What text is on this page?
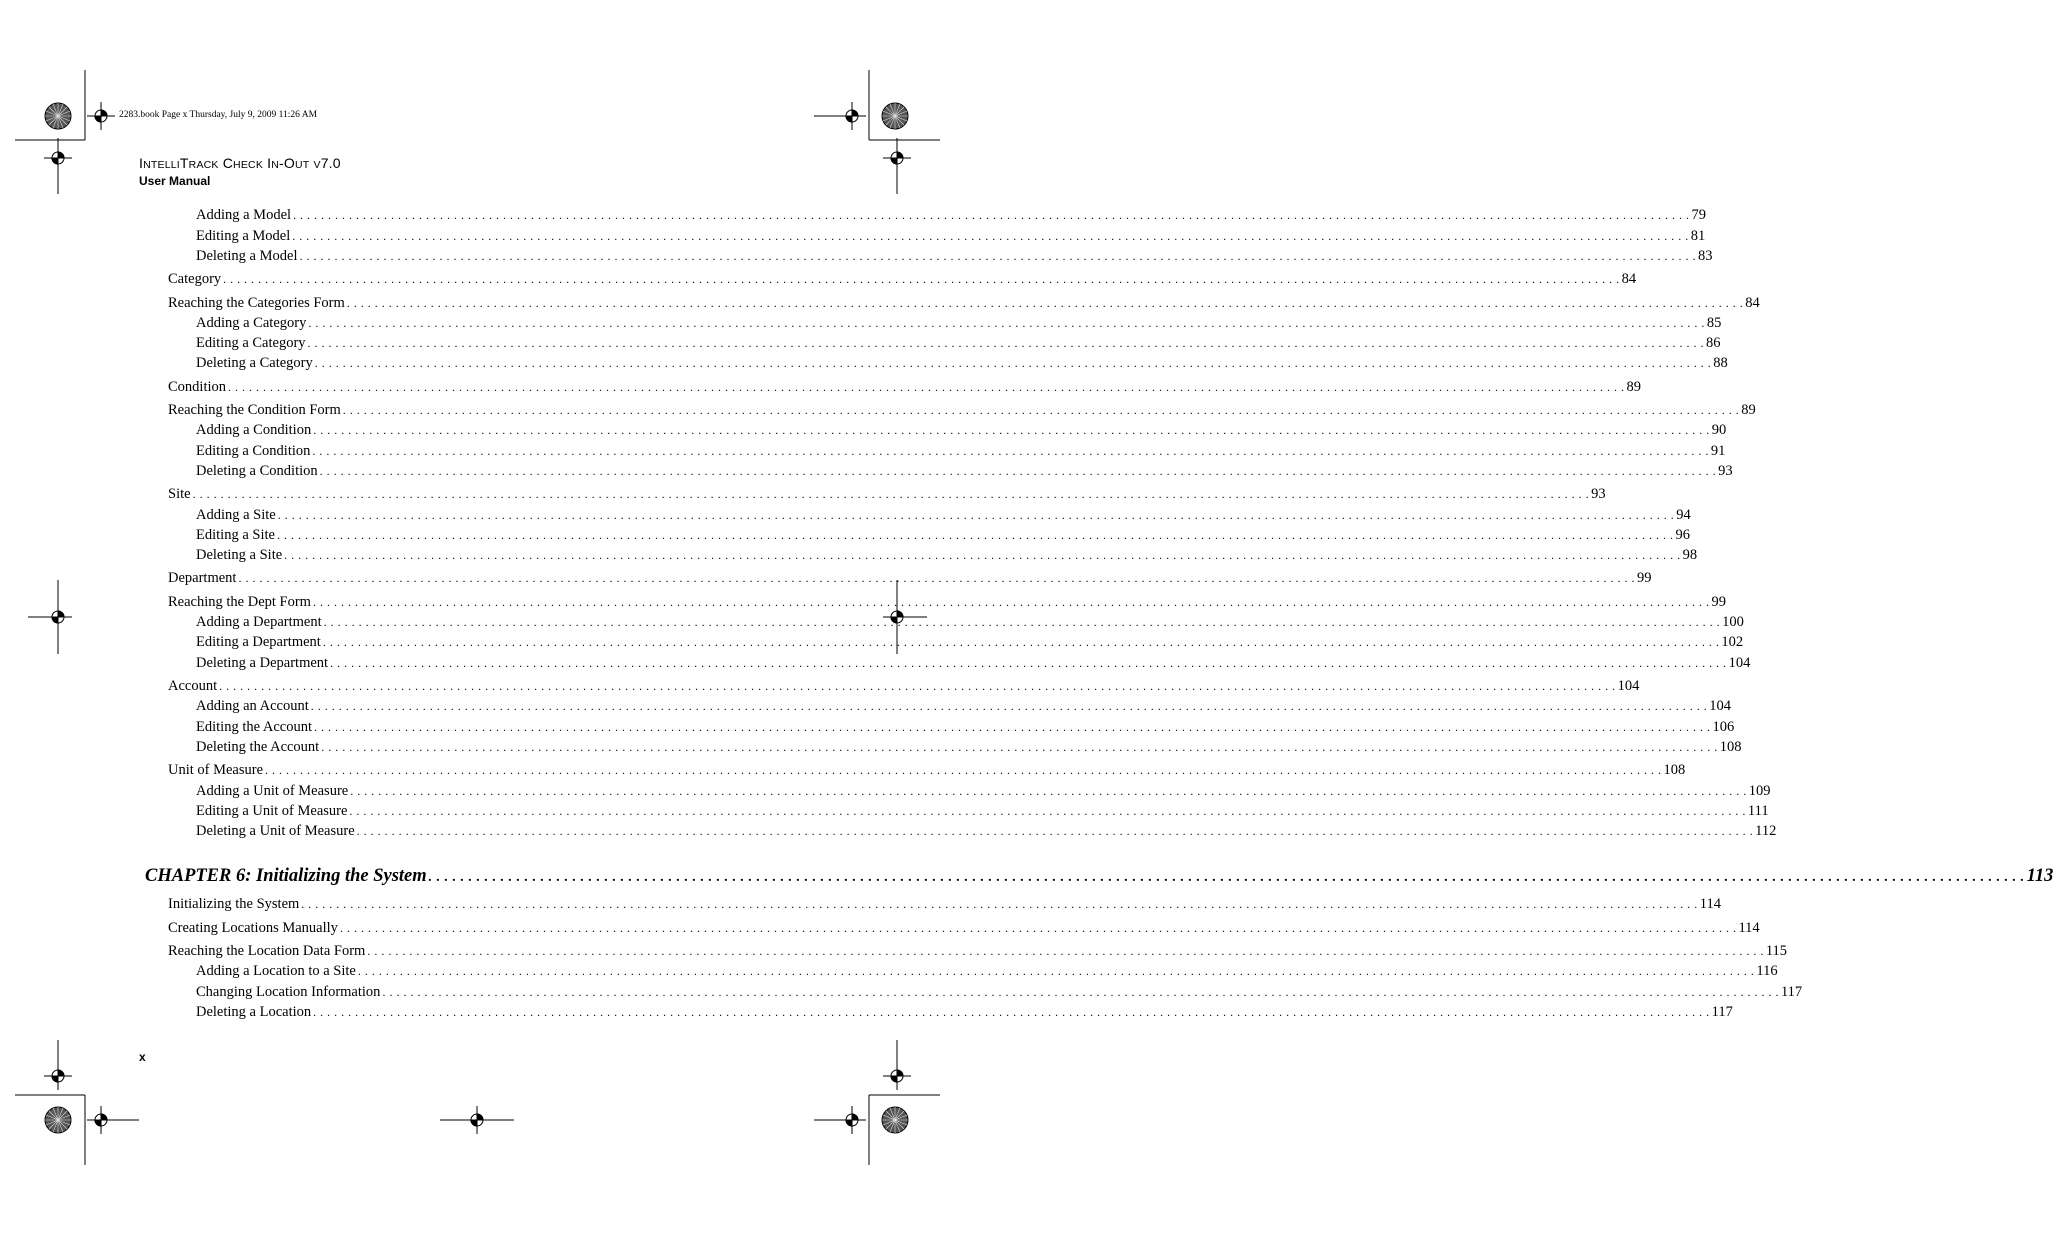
2283.book Page x Thursday, July 9, 2009 11:26 AM
INTELLITRACK CHECK IN-OUT V7.0
User Manual
Adding a Model . . . . . . . . . . . . . . . . . . . . . . . . . . . . . . . . . . . . . . . . . . . . . . . . . . . . . . . . . . . . . . . . . . . . . . . . . . . . . . . . . . . . . . . . . . . . . . . . . . . . . . . . . . . . . . . . . . . . . . . . . . . . . . . . . . . . . . . . . . . . . . . . . . . . . . . . . . . . . . . . . . . . . . . . . . . . . . . . . . . . . . . . . . . . . . . . . . . . . . . . 79
Editing a Model . . . . . . . . . . . . . . . . . . . . . . . . . . . . . . . . . . . . . . . . . . . . . . . . . . . . . . . . . . . . . . . . . . . . . . . . . . . . . . . . . . . . . . . . . . . . . . . . . . . . . . . . . . . . . . . . . . . . . . . . . . . . . . . . . . . . . . . . . . . . . . . . . . . . . . . . . . . . . . . . . . . . . . . . . . . . . . . . . . . . . . . . . . . . . . . . . . . . . . . . 81
Deleting a Model . . . . . . . . . . . . . . . . . . . . . . . . . . . . . . . . . . . . . . . . . . . . . . . . . . . . . . . . . . . . . . . . . . . . . . . . . . . . . . . . . . . . . . . . . . . . . . . . . . . . . . . . . . . . . . . . . . . . . . . . . . . . . . . . . . . . . . . . . . . . . . . . . . . . . . . . . . . . . . . . . . . . . . . . . . . . . . . . . . . . . . . . . . . . . . . . . . . . . . . . 83
Category . . . . . . . . . . . . . . . . . . . . . . . . . . . . . . . . . . . . . . . . . . . . . . . . . . . . . . . . . . . . . . . . . . . . . . . . . . . . . . . . . . . . . . . . . . . . . . . . . . . . . . . . . . . . . . . . . . . . . . . . . . . . . . . . . . . . . . . . . . . . . . . . . . . . . . . . . . . . . . . . . . . . . . . . . . . . . . . . . . . . . . . . . . . . . . . . . . . . . . . . 84
Reaching the Categories Form . . . . . . . . . . . . . . . . . . . . . . . . . . . . . . . . . . . . . . . . . . . . . . . . . . . . . . . . . . . . . . . . . . . . . . . . . . . . . . . . . . . . . . . . . . . . . . . . . . . . . . . . . . . . . . . . . . . . . . . . . . . . . . . . . . . . . . . . . . . . . . . . . . . . . . . . . . . . . . . . . . . . . . . . . . . . . . . . . . . . . . . . . . . . . . . . . . . . . . . . 84
Adding a Category . . . . . . . . . . . . . . . . . . . . . . . . . . . . . . . . . . . . . . . . . . . . . . . . . . . . . . . . . . . . . . . . . . . . . . . . . . . . . . . . . . . . . . . . . . . . . . . . . . . . . . . . . . . . . . . . . . . . . . . . . . . . . . . . . . . . . . . . . . . . . . . . . . . . . . . . . . . . . . . . . . . . . . . . . . . . . . . . . . . . . . . . . . . . . . . . . . . . . . . . 85
Editing a Category . . . . . . . . . . . . . . . . . . . . . . . . . . . . . . . . . . . . . . . . . . . . . . . . . . . . . . . . . . . . . . . . . . . . . . . . . . . . . . . . . . . . . . . . . . . . . . . . . . . . . . . . . . . . . . . . . . . . . . . . . . . . . . . . . . . . . . . . . . . . . . . . . . . . . . . . . . . . . . . . . . . . . . . . . . . . . . . . . . . . . . . . . . . . . . . . . . . . . . . . 86
Deleting a Category . . . . . . . . . . . . . . . . . . . . . . . . . . . . . . . . . . . . . . . . . . . . . . . . . . . . . . . . . . . . . . . . . . . . . . . . . . . . . . . . . . . . . . . . . . . . . . . . . . . . . . . . . . . . . . . . . . . . . . . . . . . . . . . . . . . . . . . . . . . . . . . . . . . . . . . . . . . . . . . . . . . . . . . . . . . . . . . . . . . . . . . . . . . . . . . . . . . . . . . . 88
Condition . . . . . . . . . . . . . . . . . . . . . . . . . . . . . . . . . . . . . . . . . . . . . . . . . . . . . . . . . . . . . . . . . . . . . . . . . . . . . . . . . . . . . . . . . . . . . . . . . . . . . . . . . . . . . . . . . . . . . . . . . . . . . . . . . . . . . . . . . . . . . . . . . . . . . . . . . . . . . . . . . . . . . . . . . . . . . . . . . . . . . . . . . . . . . . . . . . . . . . . . 89
Reaching the Condition Form . . . . . . . . . . . . . . . . . . . . . . . . . . . . . . . . . . . . . . . . . . . . . . . . . . . . . . . . . . . . . . . . . . . . . . . . . . . . . . . . . . . . . . . . . . . . . . . . . . . . . . . . . . . . . . . . . . . . . . . . . . . . . . . . . . . . . . . . . . . . . . . . . . . . . . . . . . . . . . . . . . . . . . . . . . . . . . . . . . . . . . . . . . . . . . . . . . . . . . . . 89
Adding a Condition . . . . . . . . . . . . . . . . . . . . . . . . . . . . . . . . . . . . . . . . . . . . . . . . . . . . . . . . . . . . . . . . . . . . . . . . . . . . . . . . . . . . . . . . . . . . . . . . . . . . . . . . . . . . . . . . . . . . . . . . . . . . . . . . . . . . . . . . . . . . . . . . . . . . . . . . . . . . . . . . . . . . . . . . . . . . . . . . . . . . . . . . . . . . . . . . . . . . . . . . 90
Editing a Condition . . . . . . . . . . . . . . . . . . . . . . . . . . . . . . . . . . . . . . . . . . . . . . . . . . . . . . . . . . . . . . . . . . . . . . . . . . . . . . . . . . . . . . . . . . . . . . . . . . . . . . . . . . . . . . . . . . . . . . . . . . . . . . . . . . . . . . . . . . . . . . . . . . . . . . . . . . . . . . . . . . . . . . . . . . . . . . . . . . . . . . . . . . . . . . . . . . . . . . . . 91
Deleting a Condition . . . . . . . . . . . . . . . . . . . . . . . . . . . . . . . . . . . . . . . . . . . . . . . . . . . . . . . . . . . . . . . . . . . . . . . . . . . . . . . . . . . . . . . . . . . . . . . . . . . . . . . . . . . . . . . . . . . . . . . . . . . . . . . . . . . . . . . . . . . . . . . . . . . . . . . . . . . . . . . . . . . . . . . . . . . . . . . . . . . . . . . . . . . . . . . . . . . . . . . . 93
Site . . . . . . . . . . . . . . . . . . . . . . . . . . . . . . . . . . . . . . . . . . . . . . . . . . . . . . . . . . . . . . . . . . . . . . . . . . . . . . . . . . . . . . . . . . . . . . . . . . . . . . . . . . . . . . . . . . . . . . . . . . . . . . . . . . . . . . . . . . . . . . . . . . . . . . . . . . . . . . . . . . . . . . . . . . . . . . . . . . . . . . . . . . . . . . . . . . . . . . . . 93
Adding a Site . . . . . . . . . . . . . . . . . . . . . . . . . . . . . . . . . . . . . . . . . . . . . . . . . . . . . . . . . . . . . . . . . . . . . . . . . . . . . . . . . . . . . . . . . . . . . . . . . . . . . . . . . . . . . . . . . . . . . . . . . . . . . . . . . . . . . . . . . . . . . . . . . . . . . . . . . . . . . . . . . . . . . . . . . . . . . . . . . . . . . . . . . . . . . . . . . . . . . . . . 94
Editing a Site . . . . . . . . . . . . . . . . . . . . . . . . . . . . . . . . . . . . . . . . . . . . . . . . . . . . . . . . . . . . . . . . . . . . . . . . . . . . . . . . . . . . . . . . . . . . . . . . . . . . . . . . . . . . . . . . . . . . . . . . . . . . . . . . . . . . . . . . . . . . . . . . . . . . . . . . . . . . . . . . . . . . . . . . . . . . . . . . . . . . . . . . . . . . . . . . . . . . . . . . 96
Deleting a Site . . . . . . . . . . . . . . . . . . . . . . . . . . . . . . . . . . . . . . . . . . . . . . . . . . . . . . . . . . . . . . . . . . . . . . . . . . . . . . . . . . . . . . . . . . . . . . . . . . . . . . . . . . . . . . . . . . . . . . . . . . . . . . . . . . . . . . . . . . . . . . . . . . . . . . . . . . . . . . . . . . . . . . . . . . . . . . . . . . . . . . . . . . . . . . . . . . . . . . . . 98
Department . . . . . . . . . . . . . . . . . . . . . . . . . . . . . . . . . . . . . . . . . . . . . . . . . . . . . . . . . . . . . . . . . . . . . . . . . . . . . . . . . . . . . . . . . . . . . . . . . . . . . . . . . . . . . . . . . . . . . . . . . . . . . . . . . . . . . . . . . . . . . . . . . . . . . . . . . . . . . . . . . . . . . . . . . . . . . . . . . . . . . . . . . . . . . . . . . . . . . . . . 99
Reaching the Dept Form . . . . . . . . . . . . . . . . . . . . . . . . . . . . . . . . . . . . . . . . . . . . . . . . . . . . . . . . . . . . . . . . . . . . . . . . . . . . . . . . . . . . . . . . . . . . . . . . . . . . . . . . . . . . . . . . . . . . . . . . . . . . . . . . . . . . . . . . . . . . . . . . . . . . . . . . . . . . . . . . . . . . . . . . . . . . . . . . . . . . . . . . . . . . . . . . . . . . . . . . 99
Adding a Department . . . . . . . . . . . . . . . . . . . . . . . . . . . . . . . . . . . . . . . . . . . . . . . . . . . . . . . . . . . . . . . . . . . . . . . . . . . . . . . . . . . . . . . . . . . . . . . . . . . . . . . . . . . . . . . . . . . . . . . . . . . . . . . . . . . . . . . . . . . . . . . . . . . . . . . . . . . . . . . . . . . . . . . . . . . . . . . . . . . . . . . . . . . . . . . . . . . . . . . . 100
Editing a Department . . . . . . . . . . . . . . . . . . . . . . . . . . . . . . . . . . . . . . . . . . . . . . . . . . . . . . . . . . . . . . . . . . . . . . . . . . . . . . . . . . . . . . . . . . . . . . . . . . . . . . . . . . . . . . . . . . . . . . . . . . . . . . . . . . . . . . . . . . . . . . . . . . . . . . . . . . . . . . . . . . . . . . . . . . . . . . . . . . . . . . . . . . . . . . . . . . . . . . . . 102
Deleting a Department . . . . . . . . . . . . . . . . . . . . . . . . . . . . . . . . . . . . . . . . . . . . . . . . . . . . . . . . . . . . . . . . . . . . . . . . . . . . . . . . . . . . . . . . . . . . . . . . . . . . . . . . . . . . . . . . . . . . . . . . . . . . . . . . . . . . . . . . . . . . . . . . . . . . . . . . . . . . . . . . . . . . . . . . . . . . . . . . . . . . . . . . . . . . . . . . . . . . . . . . 104
Account . . . . . . . . . . . . . . . . . . . . . . . . . . . . . . . . . . . . . . . . . . . . . . . . . . . . . . . . . . . . . . . . . . . . . . . . . . . . . . . . . . . . . . . . . . . . . . . . . . . . . . . . . . . . . . . . . . . . . . . . . . . . . . . . . . . . . . . . . . . . . . . . . . . . . . . . . . . . . . . . . . . . . . . . . . . . . . . . . . . . . . . . . . . . . . . . . . . . . . . . 104
Adding an Account . . . . . . . . . . . . . . . . . . . . . . . . . . . . . . . . . . . . . . . . . . . . . . . . . . . . . . . . . . . . . . . . . . . . . . . . . . . . . . . . . . . . . . . . . . . . . . . . . . . . . . . . . . . . . . . . . . . . . . . . . . . . . . . . . . . . . . . . . . . . . . . . . . . . . . . . . . . . . . . . . . . . . . . . . . . . . . . . . . . . . . . . . . . . . . . . . . . . . . . . 104
Editing the Account . . . . . . . . . . . . . . . . . . . . . . . . . . . . . . . . . . . . . . . . . . . . . . . . . . . . . . . . . . . . . . . . . . . . . . . . . . . . . . . . . . . . . . . . . . . . . . . . . . . . . . . . . . . . . . . . . . . . . . . . . . . . . . . . . . . . . . . . . . . . . . . . . . . . . . . . . . . . . . . . . . . . . . . . . . . . . . . . . . . . . . . . . . . . . . . . . . . . . . . . 106
Deleting the Account . . . . . . . . . . . . . . . . . . . . . . . . . . . . . . . . . . . . . . . . . . . . . . . . . . . . . . . . . . . . . . . . . . . . . . . . . . . . . . . . . . . . . . . . . . . . . . . . . . . . . . . . . . . . . . . . . . . . . . . . . . . . . . . . . . . . . . . . . . . . . . . . . . . . . . . . . . . . . . . . . . . . . . . . . . . . . . . . . . . . . . . . . . . . . . . . . . . . . . . . 108
Unit of Measure . . . . . . . . . . . . . . . . . . . . . . . . . . . . . . . . . . . . . . . . . . . . . . . . . . . . . . . . . . . . . . . . . . . . . . . . . . . . . . . . . . . . . . . . . . . . . . . . . . . . . . . . . . . . . . . . . . . . . . . . . . . . . . . . . . . . . . . . . . . . . . . . . . . . . . . . . . . . . . . . . . . . . . . . . . . . . . . . . . . . . . . . . . . . . . . . . . . . . . . . 108
Adding a Unit of Measure . . . . . . . . . . . . . . . . . . . . . . . . . . . . . . . . . . . . . . . . . . . . . . . . . . . . . . . . . . . . . . . . . . . . . . . . . . . . . . . . . . . . . . . . . . . . . . . . . . . . . . . . . . . . . . . . . . . . . . . . . . . . . . . . . . . . . . . . . . . . . . . . . . . . . . . . . . . . . . . . . . . . . . . . . . . . . . . . . . . . . . . . . . . . . . . . . . . . . . . . 109
Editing a Unit of Measure . . . . . . . . . . . . . . . . . . . . . . . . . . . . . . . . . . . . . . . . . . . . . . . . . . . . . . . . . . . . . . . . . . . . . . . . . . . . . . . . . . . . . . . . . . . . . . . . . . . . . . . . . . . . . . . . . . . . . . . . . . . . . . . . . . . . . . . . . . . . . . . . . . . . . . . . . . . . . . . . . . . . . . . . . . . . . . . . . . . . . . . . . . . . . . . . . . . . . . . . 111
Deleting a Unit of Measure . . . . . . . . . . . . . . . . . . . . . . . . . . . . . . . . . . . . . . . . . . . . . . . . . . . . . . . . . . . . . . . . . . . . . . . . . . . . . . . . . . . . . . . . . . . . . . . . . . . . . . . . . . . . . . . . . . . . . . . . . . . . . . . . . . . . . . . . . . . . . . . . . . . . . . . . . . . . . . . . . . . . . . . . . . . . . . . . . . . . . . . . . . . . . . . . . . . . . . . . 112
CHAPTER 6: Initializing the System . . . . . . . . . . . . . . . . . . . . . . . . . . . . . . . . . . . . . . . . . . . . . . . . . . . . . . . . . . . . . . . . . . . . . . . . . . . . . . . . . . . . . . . . . . . . . . . . . . . . . . . . . . . . . . . . . . . . . . . . . . . . . . . . . . . . . . . . . . . . . . . . . . . . . . . . . . . . . . . . . . . . . . . . . . . . . . . . . . . . . . . . . . . . . . . . . . . . . . . . 113
Initializing the System . . . . . . . . . . . . . . . . . . . . . . . . . . . . . . . . . . . . . . . . . . . . . . . . . . . . . . . . . . . . . . . . . . . . . . . . . . . . . . . . . . . . . . . . . . . . . . . . . . . . . . . . . . . . . . . . . . . . . . . . . . . . . . . . . . . . . . . . . . . . . . . . . . . . . . . . . . . . . . . . . . . . . . . . . . . . . . . . . . . . . . . . . . . . . . . . . . . . . . . . 114
Creating Locations Manually . . . . . . . . . . . . . . . . . . . . . . . . . . . . . . . . . . . . . . . . . . . . . . . . . . . . . . . . . . . . . . . . . . . . . . . . . . . . . . . . . . . . . . . . . . . . . . . . . . . . . . . . . . . . . . . . . . . . . . . . . . . . . . . . . . . . . . . . . . . . . . . . . . . . . . . . . . . . . . . . . . . . . . . . . . . . . . . . . . . . . . . . . . . . . . . . . . . . . . . . 114
Reaching the Location Data Form . . . . . . . . . . . . . . . . . . . . . . . . . . . . . . . . . . . . . . . . . . . . . . . . . . . . . . . . . . . . . . . . . . . . . . . . . . . . . . . . . . . . . . . . . . . . . . . . . . . . . . . . . . . . . . . . . . . . . . . . . . . . . . . . . . . . . . . . . . . . . . . . . . . . . . . . . . . . . . . . . . . . . . . . . . . . . . . . . . . . . . . . . . . . . . . . . . . . . . . . 115
Adding a Location to a Site . . . . . . . . . . . . . . . . . . . . . . . . . . . . . . . . . . . . . . . . . . . . . . . . . . . . . . . . . . . . . . . . . . . . . . . . . . . . . . . . . . . . . . . . . . . . . . . . . . . . . . . . . . . . . . . . . . . . . . . . . . . . . . . . . . . . . . . . . . . . . . . . . . . . . . . . . . . . . . . . . . . . . . . . . . . . . . . . . . . . . . . . . . . . . . . . . . . . . . . . 116
Changing Location Information . . . . . . . . . . . . . . . . . . . . . . . . . . . . . . . . . . . . . . . . . . . . . . . . . . . . . . . . . . . . . . . . . . . . . . . . . . . . . . . . . . . . . . . . . . . . . . . . . . . . . . . . . . . . . . . . . . . . . . . . . . . . . . . . . . . . . . . . . . . . . . . . . . . . . . . . . . . . . . . . . . . . . . . . . . . . . . . . . . . . . . . . . . . . . . . . . . . . . . . . 117
Deleting a Location . . . . . . . . . . . . . . . . . . . . . . . . . . . . . . . . . . . . . . . . . . . . . . . . . . . . . . . . . . . . . . . . . . . . . . . . . . . . . . . . . . . . . . . . . . . . . . . . . . . . . . . . . . . . . . . . . . . . . . . . . . . . . . . . . . . . . . . . . . . . . . . . . . . . . . . . . . . . . . . . . . . . . . . . . . . . . . . . . . . . . . . . . . . . . . . . . . . . . . . . 117
x
